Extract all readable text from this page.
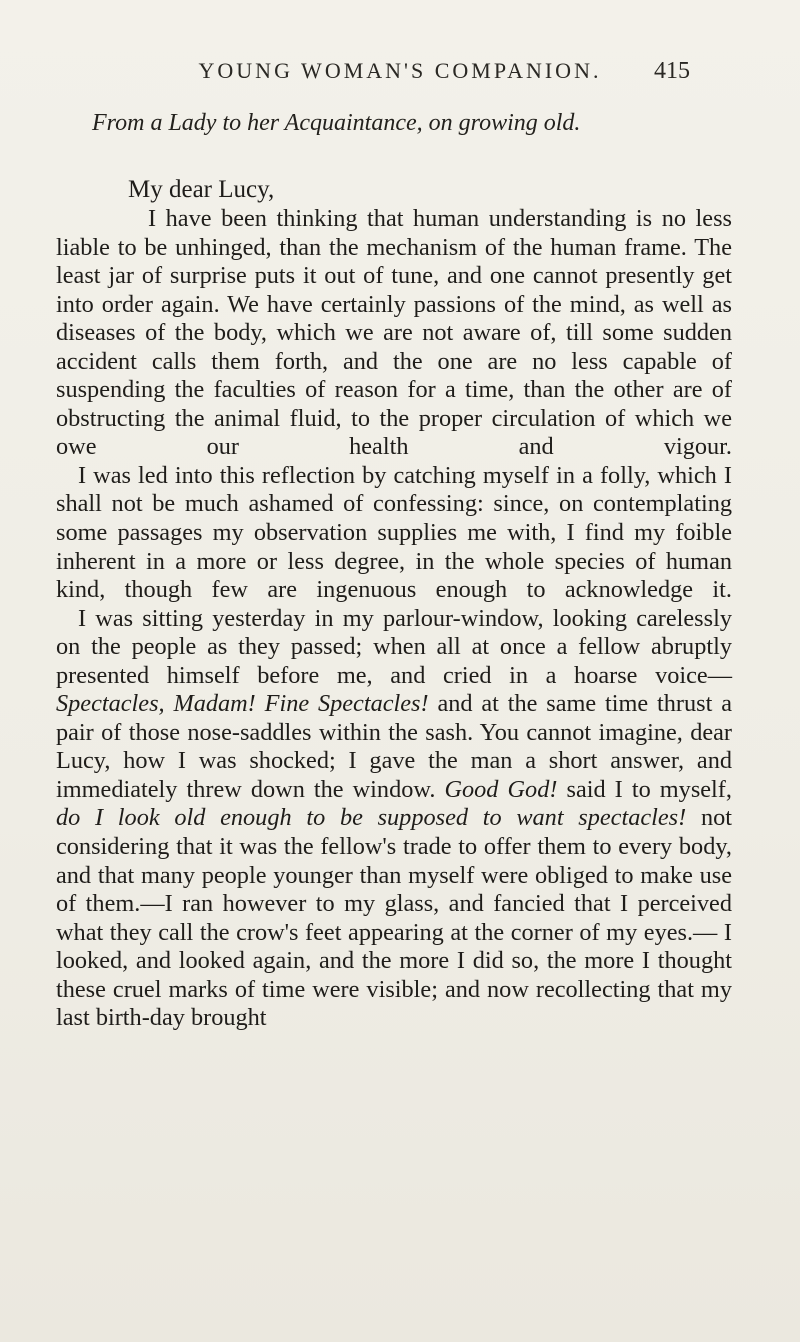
YOUNG WOMAN'S COMPANION.	415
From a Lady to her Acquaintance, on growing old.
My dear Lucy,

I have been thinking that human understanding is no less liable to be unhinged, than the mechanism of the human frame. The least jar of surprise puts it out of tune, and one cannot presently get into order again. We have certainly passions of the mind, as well as diseases of the body, which we are not aware of, till some sudden accident calls them forth, and the one are no less capable of suspending the faculties of reason for a time, than the other are of obstructing the animal fluid, to the proper circulation of which we owe our health and vigour.

I was led into this reflection by catching myself in a folly, which I shall not be much ashamed of confessing: since, on contemplating some passages my observation supplies me with, I find my foible inherent in a more or less degree, in the whole species of human kind, though few are ingenuous enough to acknowledge it.

I was sitting yesterday in my parlour-window, looking carelessly on the people as they passed; when all at once a fellow abruptly presented himself before me, and cried in a hoarse voice—Spectacles, Madam! Fine Spectacles! and at the same time thrust a pair of those nose-saddles within the sash. You cannot imagine, dear Lucy, how I was shocked; I gave the man a short answer, and immediately threw down the window. Good God! said I to myself, do I look old enough to be supposed to want spectacles! not considering that it was the fellow's trade to offer them to every body, and that many people younger than myself were obliged to make use of them.—I ran however to my glass, and fancied that I perceived what they call the crow's feet appearing at the corner of my eyes.— I looked, and looked again, and the more I did so, the more I thought these cruel marks of time were visible; and now recollecting that my last birth-day brought
